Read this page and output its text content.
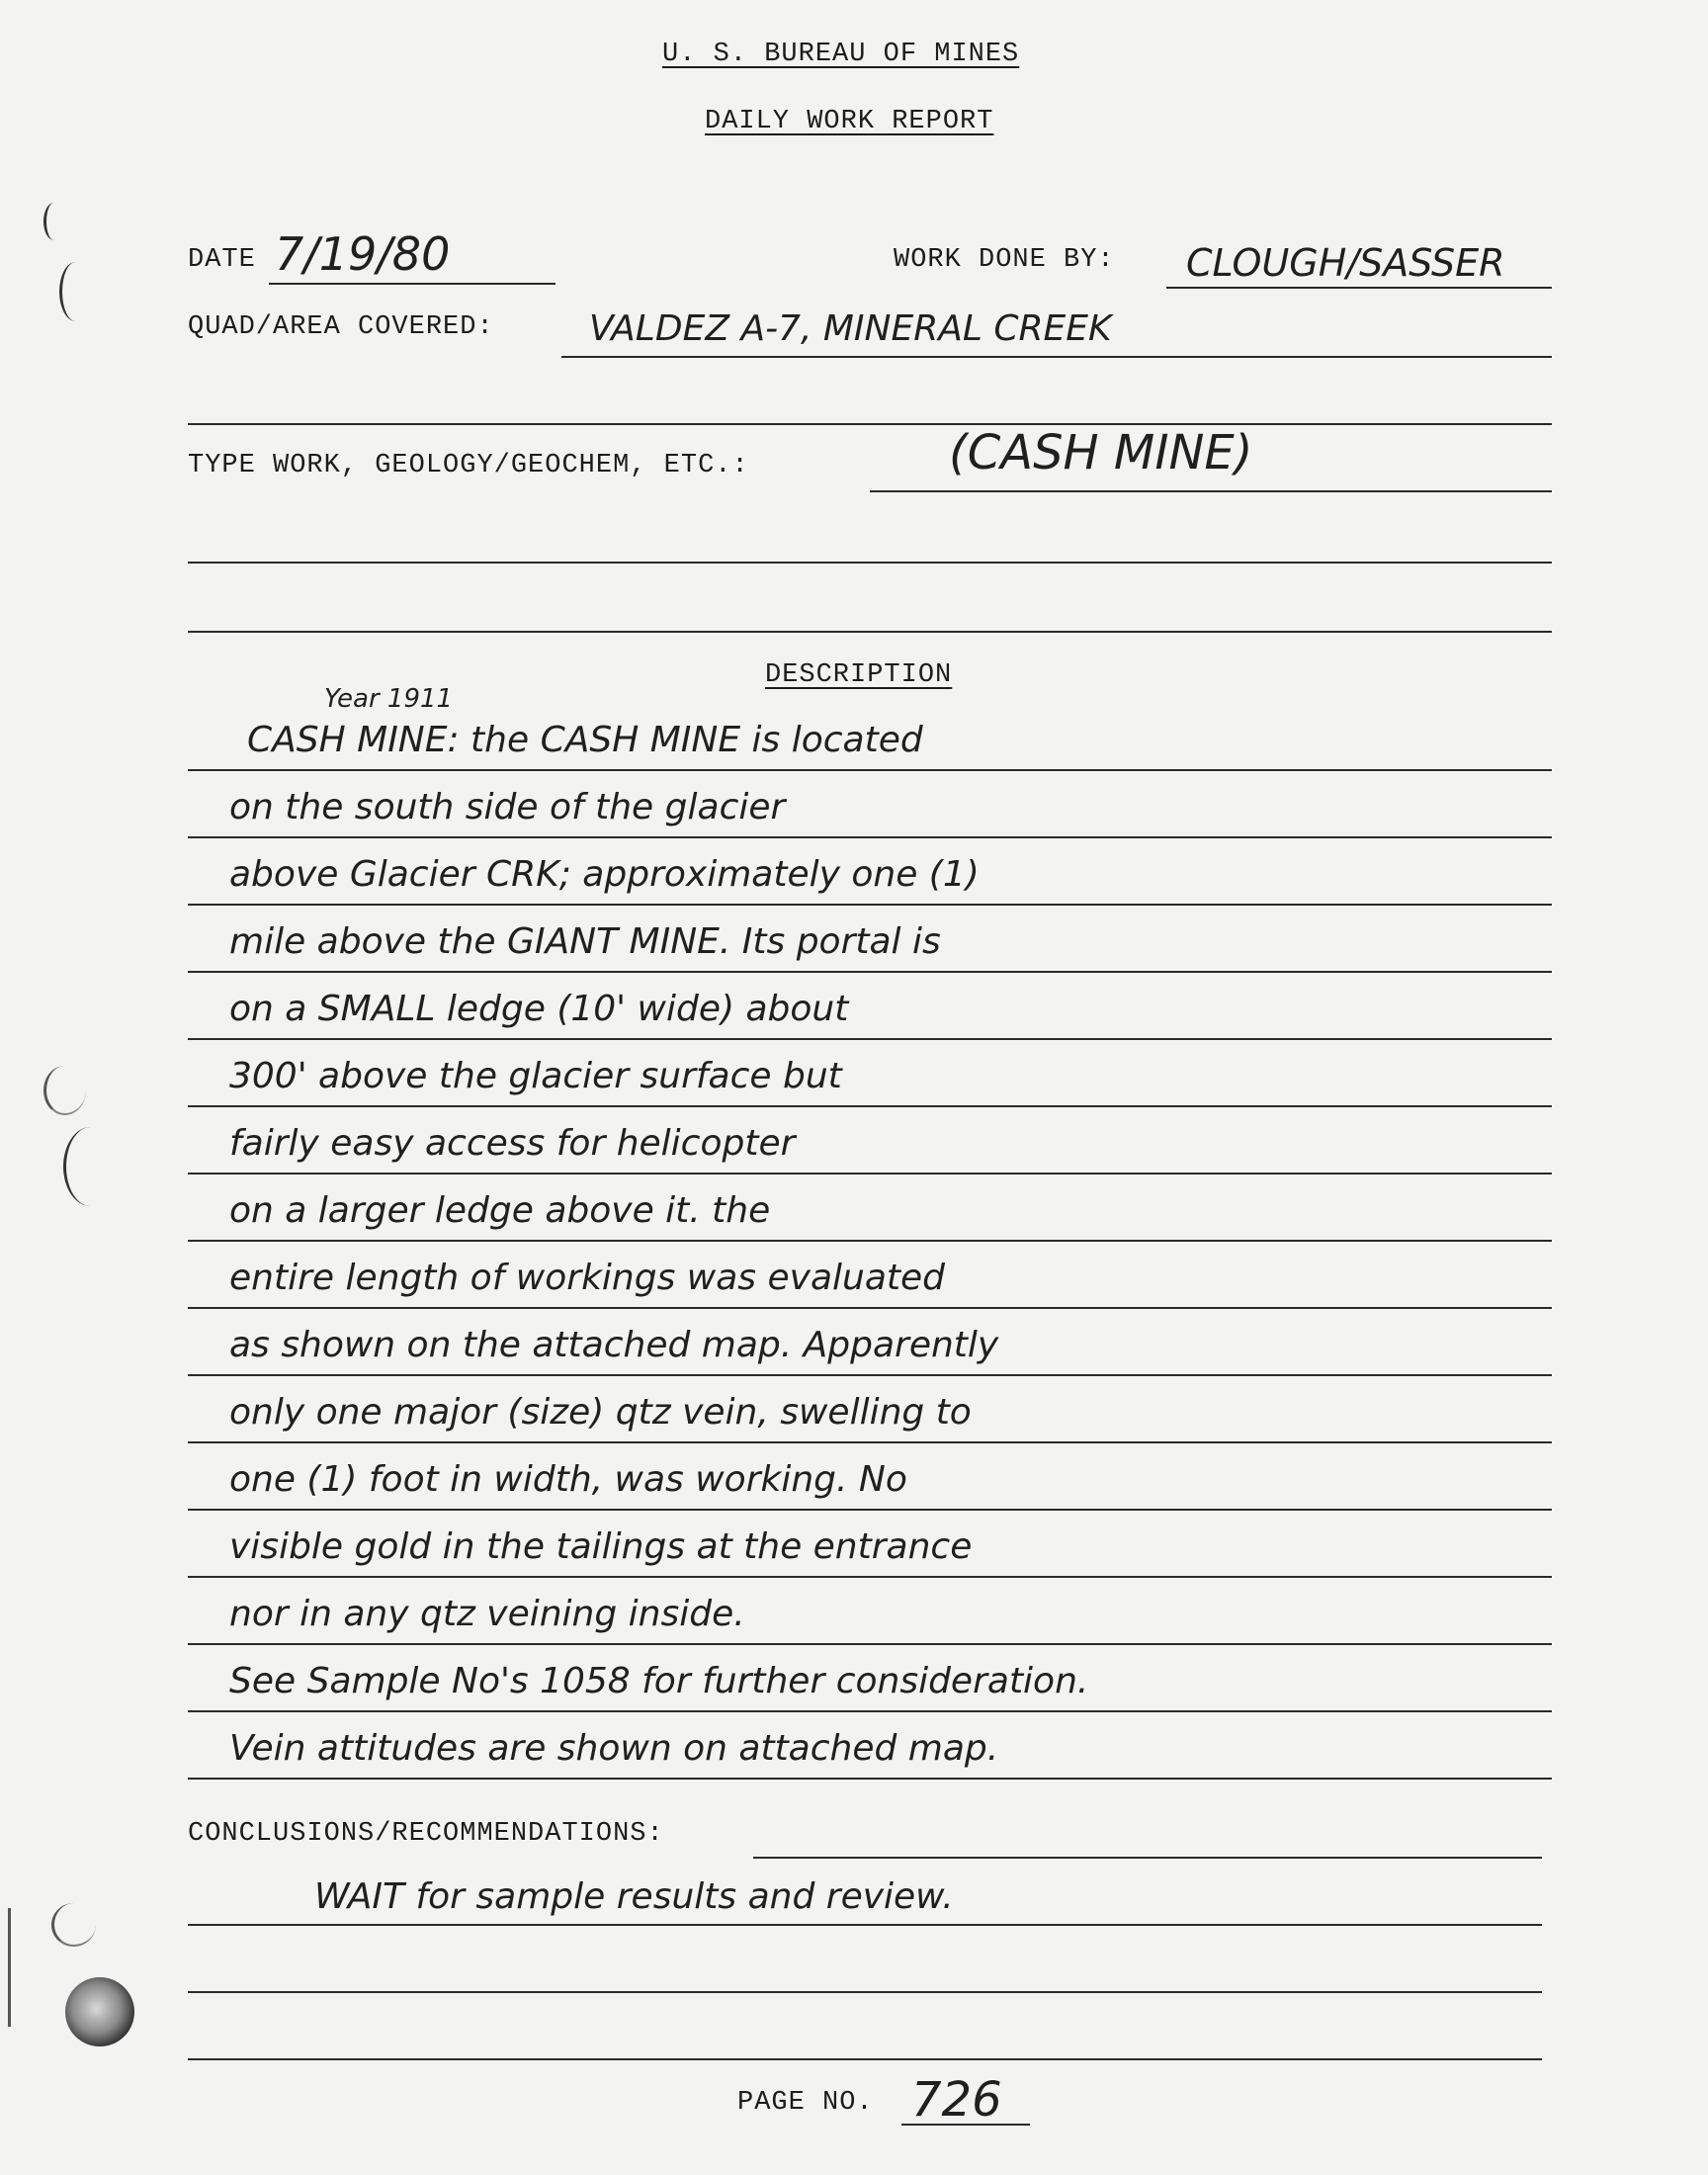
U. S. BUREAU OF MINES
DAILY WORK REPORT
DATE 7/19/80	WORK DONE BY: CLOUGH/SASSER
QUAD/AREA COVERED:	VALDEZ A-7, MINERAL CREEK
TYPE WORK, GEOLOGY/GEOCHEM, ETC.:	(CASH MINE)
DESCRIPTION
Year 1911
CASH MINE: the CASH MINE is located
on the south side of the glacier
above Glacier CRK; approximately one (1)
mile above the GIANT MINE. Its portal is
on a SMALL ledge (10' wide) about
300' above the glacier surface but
fairly easy access for helicopter
on a larger ledge above it. the
entire length of workings was evaluated
as shown on the attached map. Apparently
only one major (size) qtz vein, swelling to
one (1) foot in width, was working. No
visible gold in the tailings at the entrance
nor in any qtz veining inside.
See Sample No's 1058 for further consideration.
Vein attitudes are shown on attached map.
CONCLUSIONS/RECOMMENDATIONS:
WAIT for sample results and review.
PAGE NO. 726
